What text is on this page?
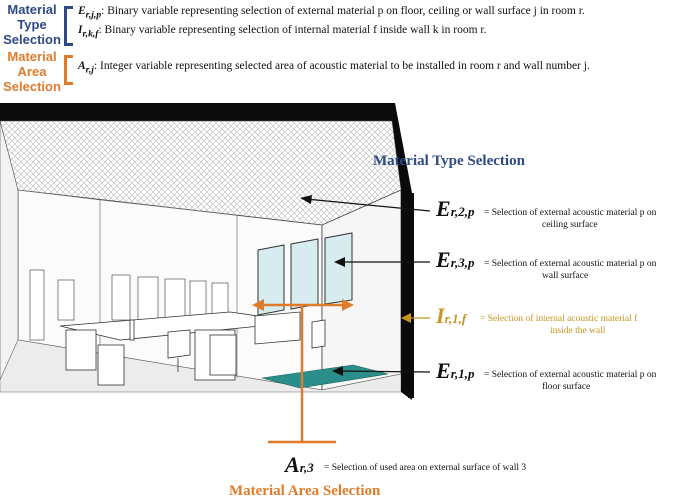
Material
Type
Selection
$E_{r,j,p}$: Binary variable representing selection of external material p on floor, ceiling or wall surface j in room r.
$I_{r,k,f}$: Binary variable representing selection of internal material f inside wall k in room r.
Material
Area
Selection
$A_{r,j}$: Integer variable representing selected area of acoustic material to be installed in room r and wall number j.
Material Type Selection
Material Area Selection
Er,2,p = Selection of external acoustic material p on
ceiling surface
Er,3,p = Selection of external acoustic material p on
wall surface
Ir,1,f = Selection of internal acoustic material f
inside the wall
Er,1,p = Selection of external acoustic material p on
floor surface
Ar,3 = Selection of used area on external surface of wall 3
